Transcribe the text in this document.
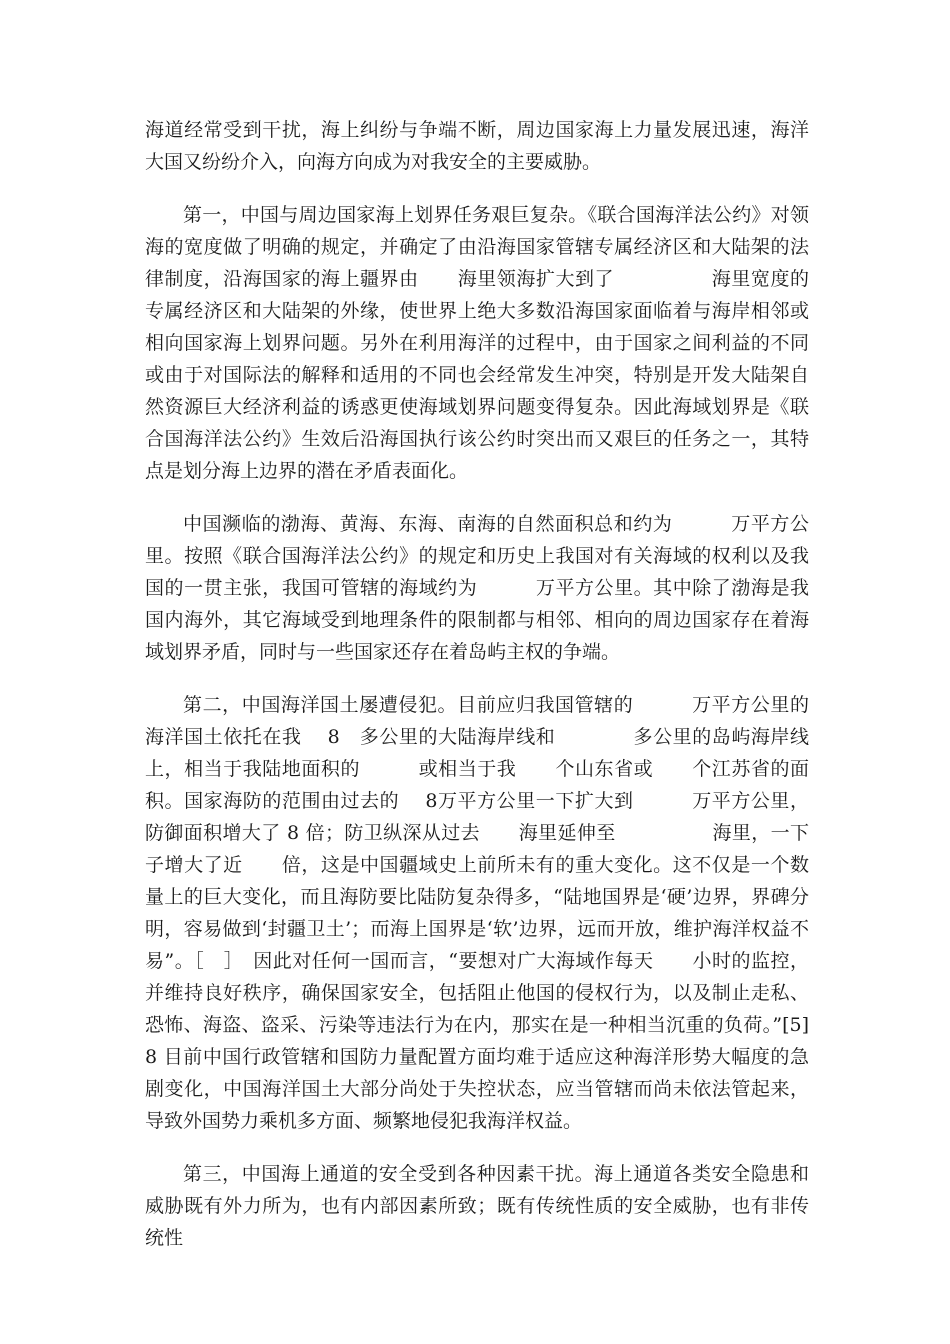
海道经常受到干扰，海上纠纷与争端不断，周边国家海上力量发展迅速，海洋大国又纷纷介入，向海方向成为对我安全的主要威胁。

第一，中国与周边国家海上划界任务艰巨复杂。《联合国海洋法公约》对领海的宽度做了明确的规定，并确定了由沿海国家管辖专属经济区和大陆架的法律制度，沿海国家的海上疆界由　　海里领海扩大到了　　　　　海里宽度的专属经济区和大陆架的外缘，使世界上绝大多数沿海国家面临着与海岸相邻或相向国家海上划界问题。另外在利用海洋的过程中，由于国家之间利益的不同或由于对国际法的解释和适用的不同也会经常发生冲突，特别是开发大陆架自然资源巨大经济利益的诱惑更使海域划界问题变得复杂。因此海域划界是《联合国海洋法公约》生效后沿海国执行该公约时突出而又艰巨的任务之一，其特点是划分海上边界的潜在矛盾表面化。

中国濒临的渤海、黄海、东海、南海的自然面积总和约为　　　万平方公里。按照《联合国海洋法公约》的规定和历史上我国对有关海域的权利以及我国的一贯主张，我国可管辖的海域约为　　　万平方公里。其中除了渤海是我国内海外，其它海域受到地理条件的限制都与相邻、相向的周边国家存在着海域划界矛盾，同时与一些国家还存在着岛屿主权的争端。

第二，中国海洋国土屡遭侵犯。目前应归我国管辖的　　　万平方公里的海洋国土依托在我　 8　多公里的大陆海岸线和　　　　多公里的岛屿海岸线上，相当于我陆地面积的　　　或相当于我　　个山东省或　　个江苏省的面积。国家海防的范围由过去的　 8万平方公里一下扩大到　　　万平方公里，防御面积增大了 8 倍；防卫纵深从过去　　海里延伸至　　　　　海里，一下子增大了近　　倍，这是中国疆域史上前所未有的重大变化。这不仅是一个数量上的巨大变化，而且海防要比陆防复杂得多，“陆地国界是‘硬’边界，界碑分明，容易做到‘封疆卫土’；而海上国界是‘软’边界，远而开放，维护海洋权益不易”。［　］　因此对任何一国而言，“要想对广大海域作每天　　小时的监控，并维持良好秩序，确保国家安全，包括阻止他国的侵权行为，以及制止走私、恐怖、海盗、盗采、污染等违法行为在内，那实在是一种相当沉重的负荷。”[5]8 目前中国行政管辖和国防力量配置方面均难于适应这种海洋形势大幅度的急剧变化，中国海洋国土大部分尚处于失控状态，应当管辖而尚未依法管起来，导致外国势力乘机多方面、频繁地侵犯我海洋权益。

第三，中国海上通道的安全受到各种因素干扰。海上通道各类安全隐患和威胁既有外力所为，也有内部因素所致；既有传统性质的安全威胁，也有非传统性
